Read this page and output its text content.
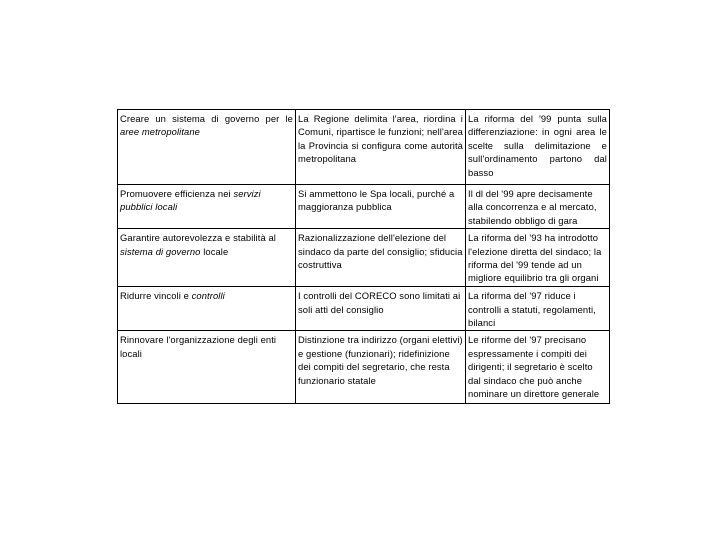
Creare un sistema di governo per le aree metropolitane	La Regione delimita l'area, riordina i Comuni, ripartisce le funzioni; nell'area la Provincia si configura come autorità metropolitana	La riforma del '99 punta sulla differenziazione: in ogni area le scelte sulla delimitazione e sull'ordinamento partono dal basso
Promuovere efficienza nei servizi pubblici locali	Si ammettono le Spa locali, purché a maggioranza pubblica	Il dl del '99 apre decisamente alla concorrenza e al mercato, stabilendo obbligo di gara
Garantire autorevolezza e stabilità al sistema di governo locale	Razionalizzazione dell'elezione del sindaco da parte del consiglio; sfiducia costruttiva	La riforma del '93 ha introdotto l'elezione diretta del sindaco; la riforma del '99 tende ad un migliore equilibrio tra gli organi
Ridurre vincoli e controlli	I controlli del CORECO sono limitati ai soli atti del consiglio	La riforma del '97 riduce i controlli a statuti, regolamenti, bilanci
Rinnovare l'organizzazione degli enti locali	Distinzione tra indirizzo (organi elettivi) e gestione (funzionari); ridefinizione dei compiti del segretario, che resta funzionario statale	Le riforme del '97 precisano espressamente i compiti dei dirigenti; il segretario è scelto dal sindaco che può anche nominare un direttore generale
